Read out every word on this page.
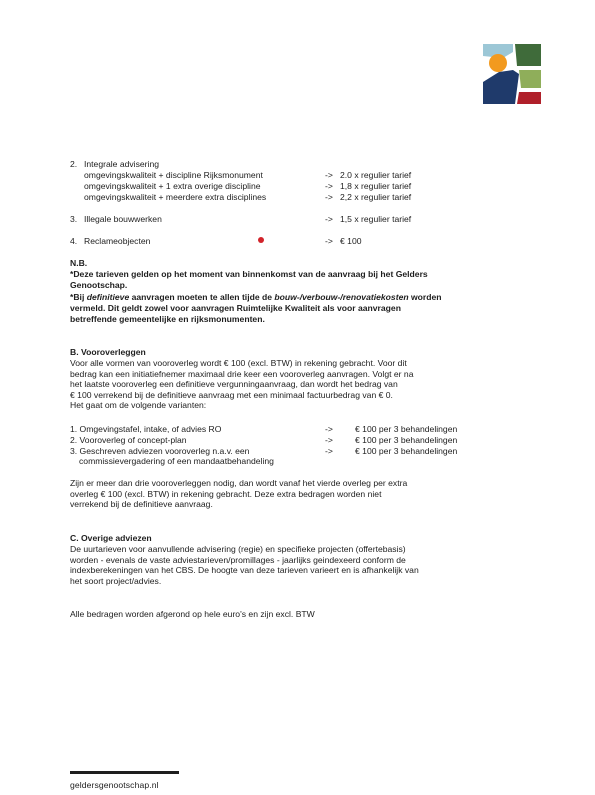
2. Integrale advisering
omgevingskwaliteit + discipline Rijksmonument	-> 2.0 x regulier tarief
omgevingskwaliteit + 1 extra overige discipline	-> 1,8 x regulier tarief
omgevingskwaliteit + meerdere extra disciplines	-> 2,2 x regulier tarief
3. Illegale bouwwerken	-> 1,5 x regulier tarief
4. Reclameobjecten	-> € 100
N.B.
*Deze tarieven gelden op het moment van binnenkomst van de aanvraag bij het Gelders
Genootschap.
*Bij definitieve aanvragen moeten te allen tijde de bouw-/verbouw-/renovatiekosten worden
vermeld. Dit geldt zowel voor aanvragen Ruimtelijke Kwaliteit als voor aanvragen
betreffende gemeentelijke en rijksmonumenten.
B. Vooroverleggen
Voor alle vormen van vooroverleg wordt € 100 (excl. BTW) in rekening gebracht. Voor dit
bedrag kan een initiatiefnemer maximaal drie keer een vooroverleg aanvragen. Volgt er na
het laatste vooroverleg een definitieve vergunningaanvraag, dan wordt het bedrag van
€ 100 verrekend bij de definitieve aanvraag met een minimaal factuurbedrag van € 0.
Het gaat om de volgende varianten:
1. Omgevingstafel, intake, of advies RO	->	€ 100 per 3 behandelingen
2. Vooroverleg of concept-plan	->	€ 100 per 3 behandelingen
3. Geschreven adviezen vooroverleg n.a.v. een	->	€ 100 per 3 behandelingen
commissievergadering of een mandaatbehandeling
Zijn er meer dan drie vooroverleggen nodig, dan wordt vanaf het vierde overleg per extra
overleg € 100 (excl. BTW) in rekening gebracht. Deze extra bedragen worden niet
verrekend bij de definitieve aanvraag.
C. Overige adviezen
De uurtarieven voor aanvullende advisering (regie) en specifieke projecten (offertebasis)
worden - evenals de vaste adviestarieven/promillages - jaarlijks geindexeerd conform de
indexberekeningen van het CBS. De hoogte van deze tarieven varieert en is afhankelijk van
het soort project/advies.
Alle bedragen worden afgerond op hele euro's en zijn excl. BTW
geldersgenootschap.nl
